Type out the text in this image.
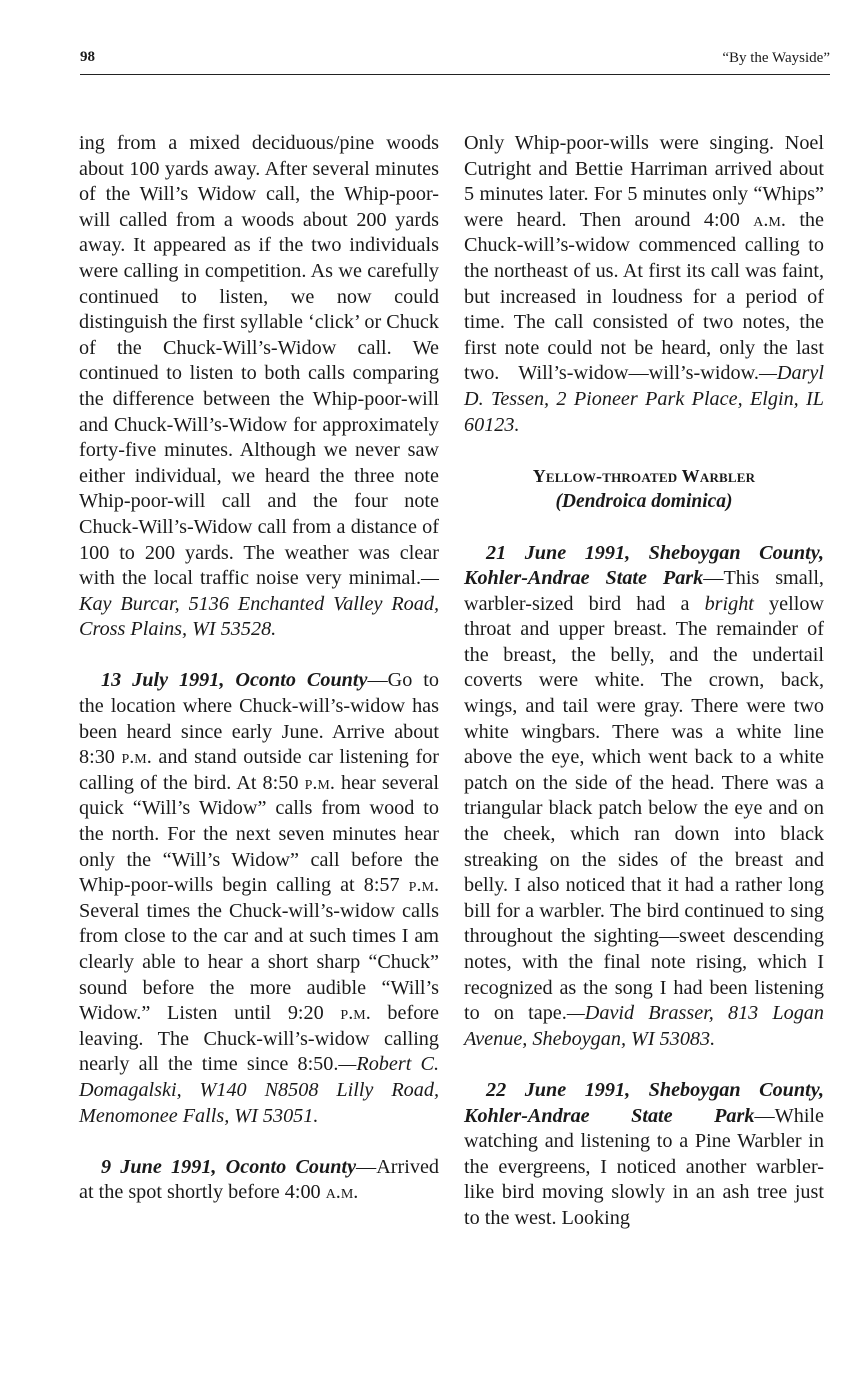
98	“By the Wayside”

ing from a mixed deciduous/pine woods about 100 yards away. After several minutes of the Will’s Widow call, the Whip-poor-will called from a woods about 200 yards away. It appeared as if the two individuals were calling in competition. As we carefully continued to listen, we now could distinguish the first syllable ‘click’ or Chuck of the Chuck-Will’s-Widow call. We continued to listen to both calls comparing the difference between the Whip-poor-will and Chuck-Will’s-Widow for approximately forty-five minutes. Although we never saw either individual, we heard the three note Whip-poor-will call and the four note Chuck-Will’s-Widow call from a distance of 100 to 200 yards. The weather was clear with the local traffic noise very minimal.—Kay Burcar, 5136 Enchanted Valley Road, Cross Plains, WI 53528.

13 July 1991, Oconto County—Go to the location where Chuck-will’s-widow has been heard since early June. Arrive about 8:30 p.m. and stand outside car listening for calling of the bird. At 8:50 p.m. hear several quick “Will’s Widow” calls from wood to the north. For the next seven minutes hear only the “Will’s Widow” call before the Whip-poor-wills begin calling at 8:57 p.m. Several times the Chuck-will’s-widow calls from close to the car and at such times I am clearly able to hear a short sharp “Chuck” sound before the more audible “Will’s Widow.” Listen until 9:20 p.m. before leaving. The Chuck-will’s-widow calling nearly all the time since 8:50.—Robert C. Domagalski, W140 N8508 Lilly Road, Menomonee Falls, WI 53051.

9 June 1991, Oconto County—Arrived at the spot shortly before 4:00 a.m.

Only Whip-poor-wills were singing. Noel Cutright and Bettie Harriman arrived about 5 minutes later. For 5 minutes only “Whips” were heard. Then around 4:00 a.m. the Chuck-will’s-widow commenced calling to the northeast of us. At first its call was faint, but increased in loudness for a period of time. The call consisted of two notes, the first note could not be heard, only the last two. Will’s-widow—will’s-widow.—Daryl D. Tessen, 2 Pioneer Park Place, Elgin, IL 60123.

Yellow-throated Warbler

(Dendroica dominica)

21 June 1991, Sheboygan County, Kohler-Andrae State Park—This small, warbler-sized bird had a bright yellow throat and upper breast. The remainder of the breast, the belly, and the undertail coverts were white. The crown, back, wings, and tail were gray. There were two white wingbars. There was a white line above the eye, which went back to a white patch on the side of the head. There was a triangular black patch below the eye and on the cheek, which ran down into black streaking on the sides of the breast and belly. I also noticed that it had a rather long bill for a warbler. The bird continued to sing throughout the sighting—sweet descending notes, with the final note rising, which I recognized as the song I had been listening to on tape.—David Brasser, 813 Logan Avenue, Sheboygan, WI 53083.

22 June 1991, Sheboygan County, Kohler-Andrae State Park—While watching and listening to a Pine Warbler in the evergreens, I noticed another warbler-like bird moving slowly in an ash tree just to the west. Looking
